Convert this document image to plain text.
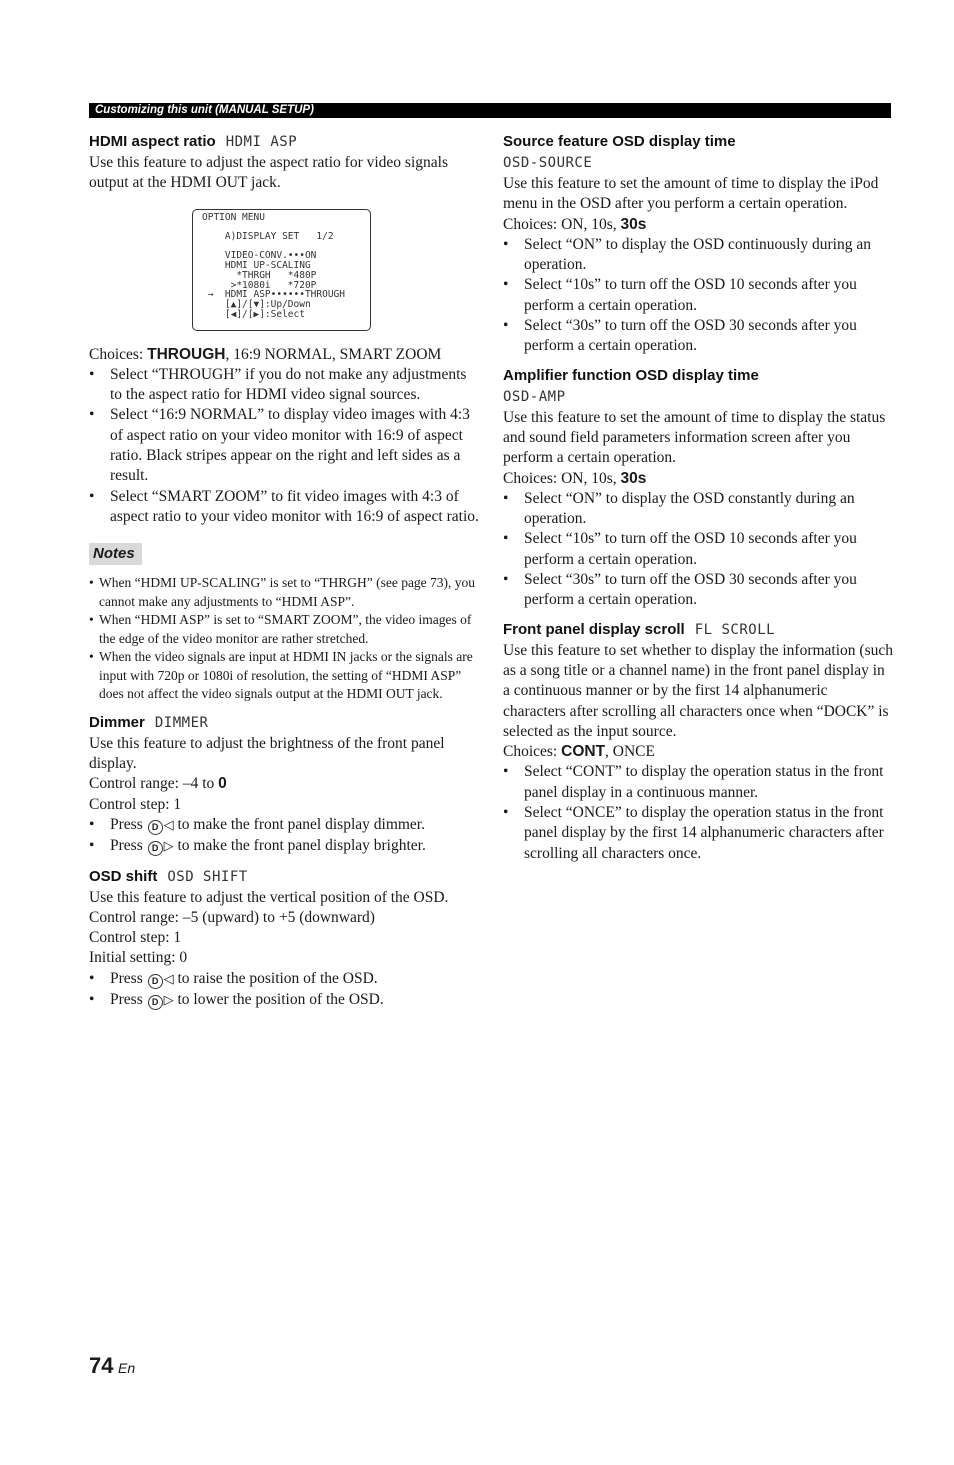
Customizing this unit (MANUAL SETUP)
HDMI aspect ratio HDMI ASP

Use this feature to adjust the aspect ratio for video signals output at the HDMI OUT jack.

OPTION MENU

A)DISPLAY SET   1/2

VIDEO-CONV.•••ON
HDMI UP-SCALING
*THRGH   *480P
>*1080i   *720P
→  HDMI ASP••••••THROUGH
[▲]/[▼]:Up/Down
[◀]/[▶]:Select

Choices: THROUGH, 16:9 NORMAL, SMART ZOOM

• Select “THROUGH” if you do not make any adjustments to the aspect ratio for HDMI video signal sources.
• Select “16:9 NORMAL” to display video images with 4:3 of aspect ratio on your video monitor with 16:9 of aspect ratio. Black stripes appear on the right and left sides as a result.
• Select “SMART ZOOM” to fit video images with 4:3 of aspect ratio to your video monitor with 16:9 of aspect ratio.
Notes
• When “HDMI UP-SCALING” is set to “THRGH” (see page 73), you cannot make any adjustments to “HDMI ASP”.
• When “HDMI ASP” is set to “SMART ZOOM”, the video images of the edge of the video monitor are rather stretched.
• When the video signals are input at HDMI IN jacks or the signals are input with 720p or 1080i of resolution, the setting of “HDMI ASP” does not affect the video signals output at the HDMI OUT jack.
Dimmer DIMMER

Use this feature to adjust the brightness of the front panel display.

Control range: –4 to 0

Control step: 1

• Press D ◁ to make the front panel display dimmer.
• Press D ▷ to make the front panel display brighter.
OSD shift OSD SHIFT

Use this feature to adjust the vertical position of the OSD.

Control range: –5 (upward) to +5 (downward)

Control step: 1

Initial setting: 0

• Press D ◁ to raise the position of the OSD.
• Press D ▷ to lower the position of the OSD.
Source feature OSD display time
OSD-SOURCE

Use this feature to set the amount of time to display the iPod menu in the OSD after you perform a certain operation.

Choices: ON, 10s, 30s

• Select “ON” to display the OSD continuously during an operation.
• Select “10s” to turn off the OSD 10 seconds after you perform a certain operation.
• Select “30s” to turn off the OSD 30 seconds after you perform a certain operation.
Amplifier function OSD display time
OSD-AMP

Use this feature to set the amount of time to display the status and sound field parameters information screen after you perform a certain operation.

Choices: ON, 10s, 30s

• Select “ON” to display the OSD constantly during an operation.
• Select “10s” to turn off the OSD 10 seconds after you perform a certain operation.
• Select “30s” to turn off the OSD 30 seconds after you perform a certain operation.
Front panel display scroll FL SCROLL

Use this feature to set whether to display the information (such as a song title or a channel name) in the front panel display in a continuous manner or by the first 14 alphanumeric characters after scrolling all characters once when “DOCK” is selected as the input source.

Choices: CONT, ONCE

• Select “CONT” to display the operation status in the front panel display in a continuous manner.
• Select “ONCE” to display the operation status in the front panel display by the first 14 alphanumeric characters after scrolling all characters once.
74 En
